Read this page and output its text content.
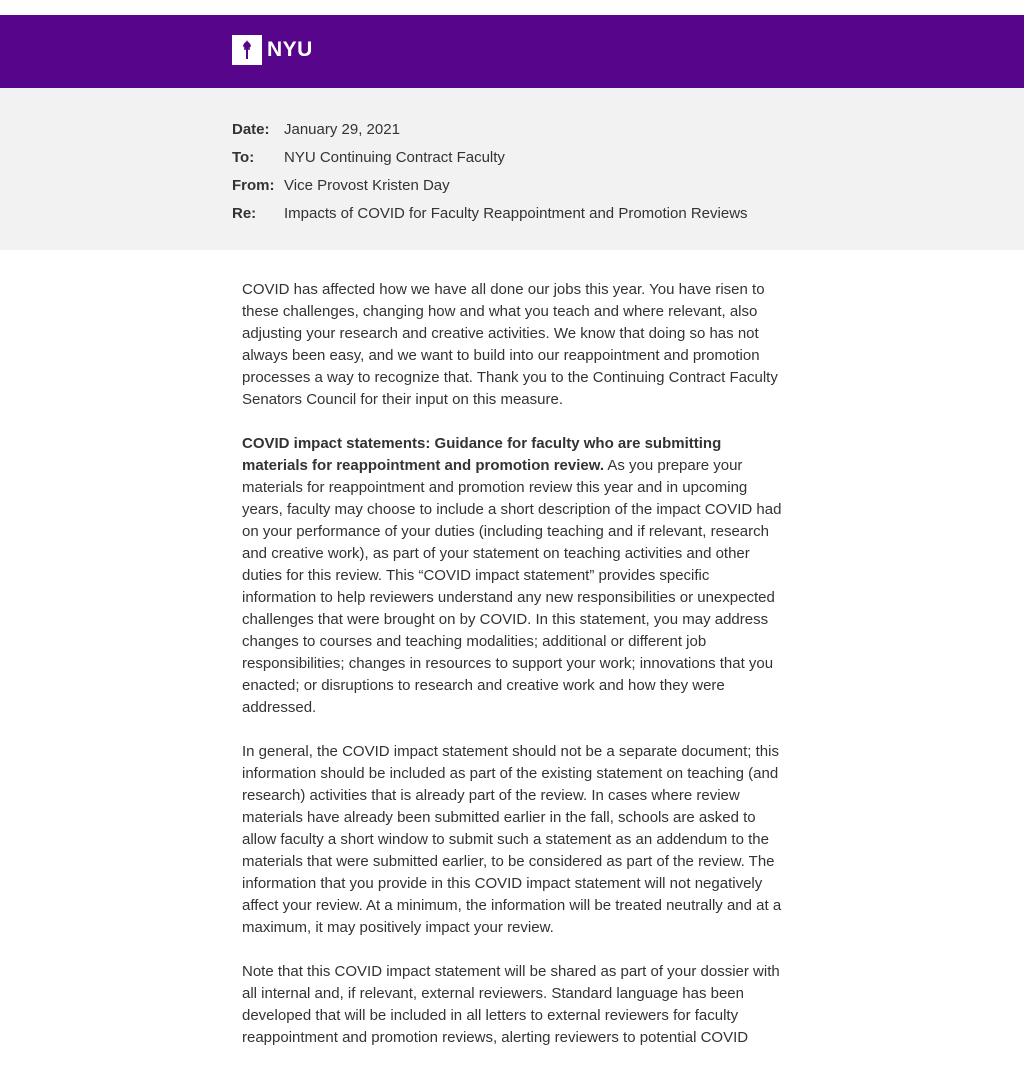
NYU
Date:	January 29, 2021
To:	NYU Continuing Contract Faculty
From:	Vice Provost Kristen Day
Re:	Impacts of COVID for Faculty Reappointment and Promotion Reviews

COVID has affected how we have all done our jobs this year. You have risen to these challenges, changing how and what you teach and where relevant, also adjusting your research and creative activities. We know that doing so has not always been easy, and we want to build into our reappointment and promotion processes a way to recognize that. Thank you to the Continuing Contract Faculty Senators Council for their input on this measure.

COVID impact statements: Guidance for faculty who are submitting materials for reappointment and promotion review. As you prepare your materials for reappointment and promotion review this year and in upcoming years, faculty may choose to include a short description of the impact COVID had on your performance of your duties (including teaching and if relevant, research and creative work), as part of your statement on teaching activities and other duties for this review. This “COVID impact statement” provides specific information to help reviewers understand any new responsibilities or unexpected challenges that were brought on by COVID. In this statement, you may address changes to courses and teaching modalities; additional or different job responsibilities; changes in resources to support your work; innovations that you enacted; or disruptions to research and creative work and how they were addressed.

In general, the COVID impact statement should not be a separate document; this information should be included as part of the existing statement on teaching (and research) activities that is already part of the review. In cases where review materials have already been submitted earlier in the fall, schools are asked to allow faculty a short window to submit such a statement as an addendum to the materials that were submitted earlier, to be considered as part of the review. The information that you provide in this COVID impact statement will not negatively affect your review. At a minimum, the information will be treated neutrally and at a maximum, it may positively impact your review.

Note that this COVID impact statement will be shared as part of your dossier with all internal and, if relevant, external reviewers. Standard language has been developed that will be included in all letters to external reviewers for faculty reappointment and promotion reviews, alerting reviewers to potential COVID
